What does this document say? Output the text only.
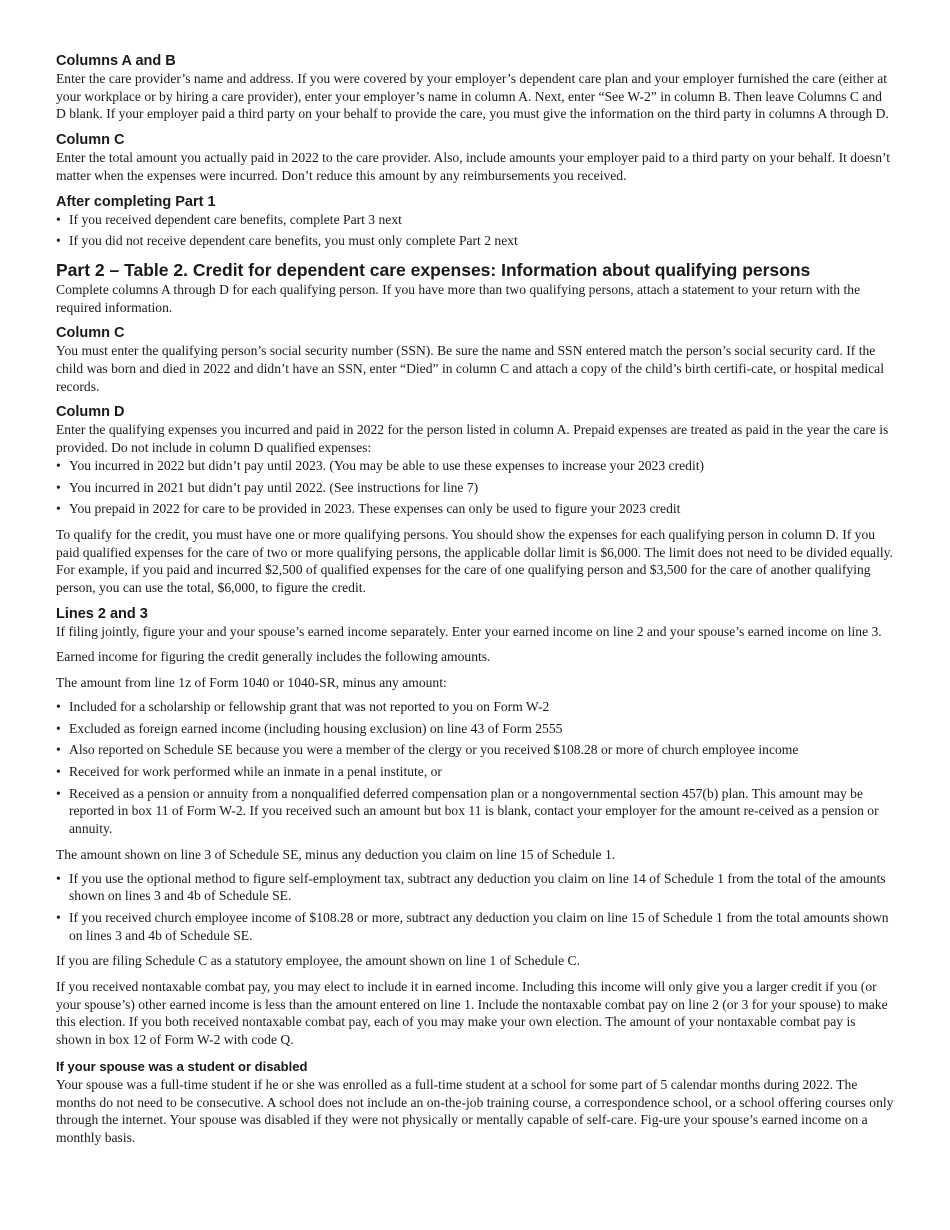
Columns A and B

Enter the care provider’s name and address. If you were covered by your employer’s dependent care plan and your employer furnished the care (either at your workplace or by hiring a care provider), enter your employer’s name in column A. Next, enter “See W-2” in column B. Then leave Columns C and D blank. If your employer paid a third party on your behalf to provide the care, you must give the information on the third party in columns A through D.

Column C

Enter the total amount you actually paid in 2022 to the care provider. Also, include amounts your employer paid to a third party on your behalf. It doesn’t matter when the expenses were incurred. Don’t reduce this amount by any reimbursements you received.

After completing Part 1
• If you received dependent care benefits, complete Part 3 next
• If you did not receive dependent care benefits, you must only complete Part 2 next
Part 2 – Table 2. Credit for dependent care expenses: Information about qualifying persons

Complete columns A through D for each qualifying person. If you have more than two qualifying persons, attach a statement to your return with the required information.

Column C

You must enter the qualifying person’s social security number (SSN). Be sure the name and SSN entered match the person’s social security card. If the child was born and died in 2022 and didn’t have an SSN, enter “Died” in column C and attach a copy of the child’s birth certifi-cate, or hospital medical records.

Column D

Enter the qualifying expenses you incurred and paid in 2022 for the person listed in column A. Prepaid expenses are treated as paid in the year the care is provided. Do not include in column D qualified expenses:

• You incurred in 2022 but didn’t pay until 2023. (You may be able to use these expenses to increase your 2023 credit)
• You incurred in 2021 but didn’t pay until 2022. (See instructions for line 7)
• You prepaid in 2022 for care to be provided in 2023. These expenses can only be used to figure your 2023 credit

To qualify for the credit, you must have one or more qualifying persons. You should show the expenses for each qualifying person in column D. If you paid qualified expenses for the care of two or more qualifying persons, the applicable dollar limit is $6,000. The limit does not need to be divided equally. For example, if you paid and incurred $2,500 of qualified expenses for the care of one qualifying person and $3,500 for the care of another qualifying person, you can use the total, $6,000, to figure the credit.

Lines 2 and 3

If filing jointly, figure your and your spouse’s earned income separately. Enter your earned income on line 2 and your spouse’s earned income on line 3.

Earned income for figuring the credit generally includes the following amounts.

The amount from line 1z of Form 1040 or 1040-SR, minus any amount:

• Included for a scholarship or fellowship grant that was not reported to you on Form W-2
• Excluded as foreign earned income (including housing exclusion) on line 43 of Form 2555
• Also reported on Schedule SE because you were a member of the clergy or you received $108.28 or more of church employee income
• Received for work performed while an inmate in a penal institute, or
• Received as a pension or annuity from a nonqualified deferred compensation plan or a nongovernmental section 457(b) plan. This amount may be reported in box 11 of Form W-2. If you received such an amount but box 11 is blank, contact your employer for the amount re-ceived as a pension or annuity.

The amount shown on line 3 of Schedule SE, minus any deduction you claim on line 15 of Schedule 1.

• If you use the optional method to figure self-employment tax, subtract any deduction you claim on line 14 of Schedule 1 from the total of the amounts shown on lines 3 and 4b of Schedule SE.
• If you received church employee income of $108.28 or more, subtract any deduction you claim on line 15 of Schedule 1 from the total amounts shown on lines 3 and 4b of Schedule SE.

If you are filing Schedule C as a statutory employee, the amount shown on line 1 of Schedule C.

If you received nontaxable combat pay, you may elect to include it in earned income. Including this income will only give you a larger credit if you (or your spouse’s) other earned income is less than the amount entered on line 1. Include the nontaxable combat pay on line 2 (or 3 for your spouse) to make this election. If you both received nontaxable combat pay, each of you may make your own election. The amount of your nontaxable combat pay is shown in box 12 of Form W-2 with code Q.

If your spouse was a student or disabled

Your spouse was a full-time student if he or she was enrolled as a full-time student at a school for some part of 5 calendar months during 2022. The months do not need to be consecutive. A school does not include an on-the-job training course, a correspondence school, or a school offering courses only through the internet. Your spouse was disabled if they were not physically or mentally capable of self-care. Fig-ure your spouse’s earned income on a monthly basis.
